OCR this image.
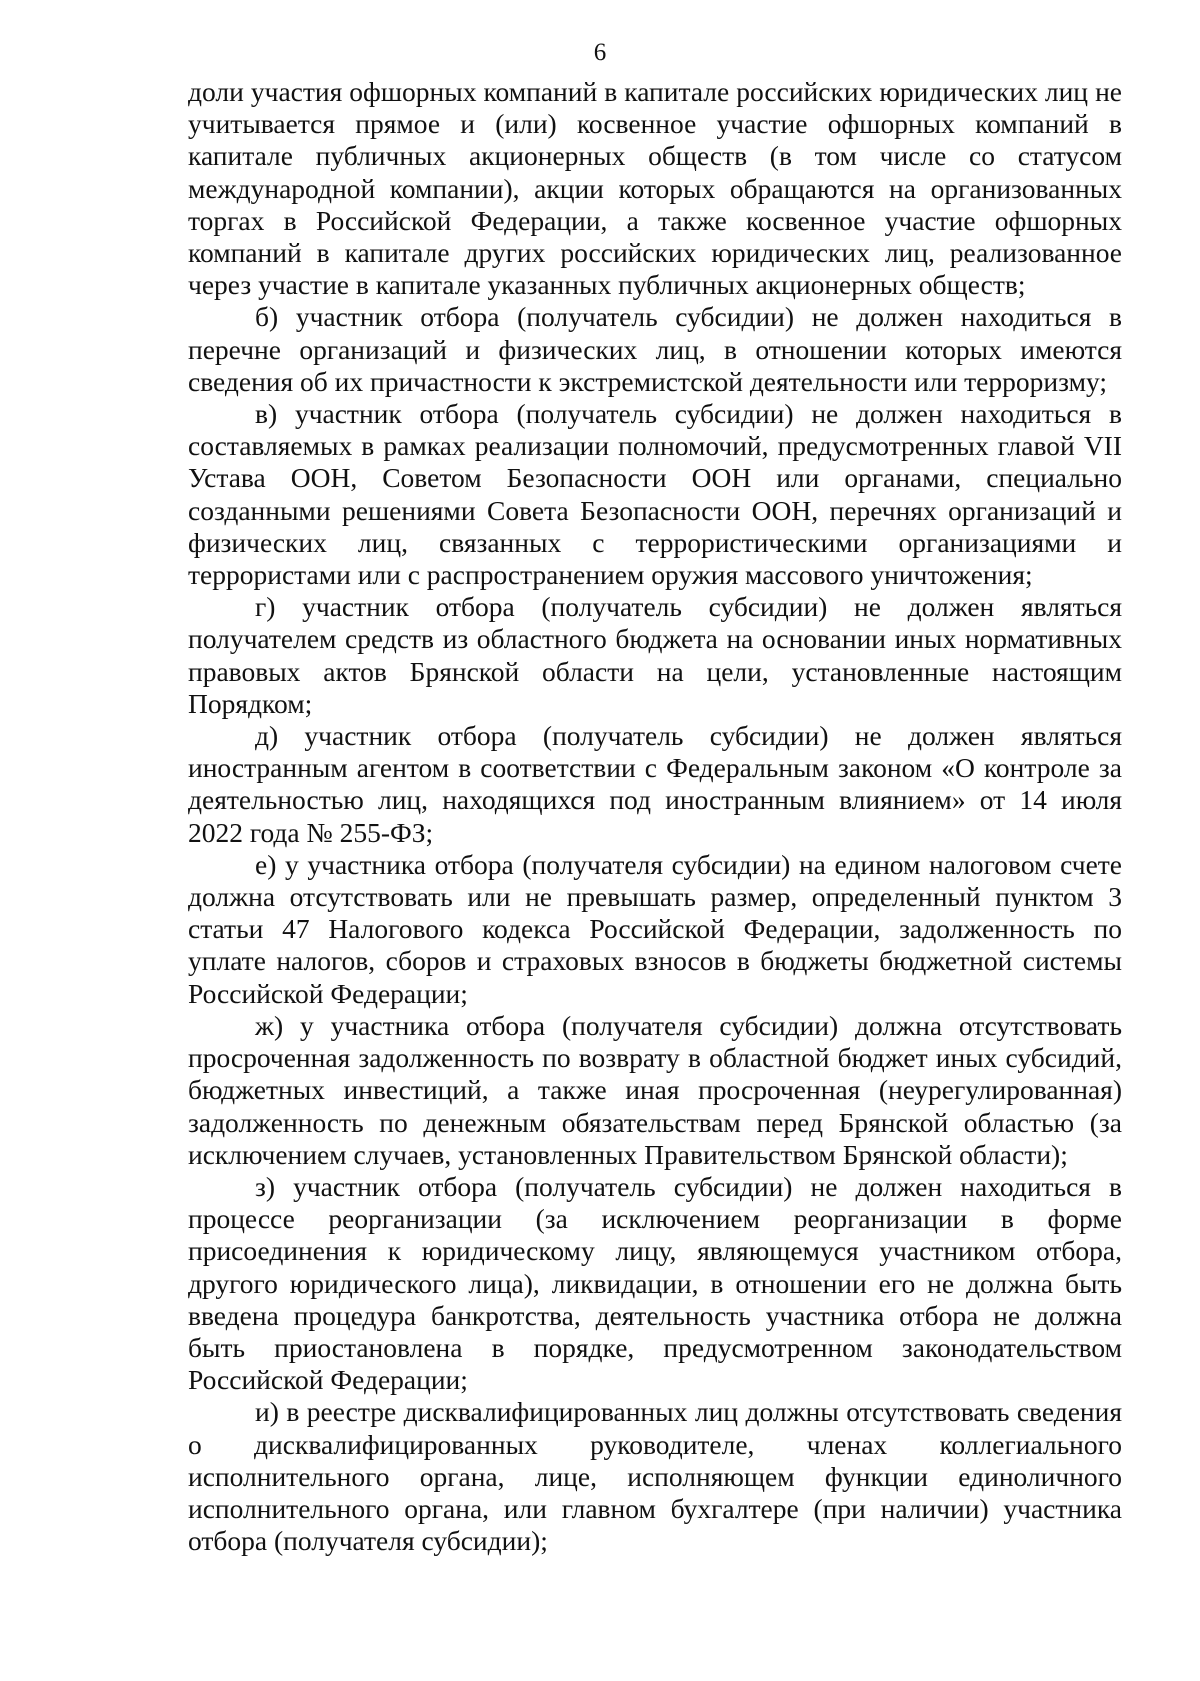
6

доли участия офшорных компаний в капитале российских юридических лиц не учитывается прямое и (или) косвенное участие офшорных компаний в капитале публичных акционерных обществ (в том числе со статусом международной компании), акции которых обращаются на организованных торгах в Российской Федерации, а также косвенное участие офшорных компаний в капитале других российских юридических лиц, реализованное через участие в капитале указанных публичных акционерных обществ;

б) участник отбора (получатель субсидии) не должен находиться в перечне организаций и физических лиц, в отношении которых имеются сведения об их причастности к экстремистской деятельности или терроризму;

в) участник отбора (получатель субсидии) не должен находиться в составляемых в рамках реализации полномочий, предусмотренных главой VII Устава ООН, Советом Безопасности ООН или органами, специально созданными решениями Совета Безопасности ООН, перечнях организаций и физических лиц, связанных с террористическими организациями и террористами или с распространением оружия массового уничтожения;

г) участник отбора (получатель субсидии) не должен являться получателем средств из областного бюджета на основании иных нормативных правовых актов Брянской области на цели, установленные настоящим Порядком;

д) участник отбора (получатель субсидии) не должен являться иностранным агентом в соответствии с Федеральным законом «О контроле за деятельностью лиц, находящихся под иностранным влиянием» от 14 июля 2022 года № 255-ФЗ;

е) у участника отбора (получателя субсидии) на едином налоговом счете должна отсутствовать или не превышать размер, определенный пунктом 3 статьи 47 Налогового кодекса Российской Федерации, задолженность по уплате налогов, сборов и страховых взносов в бюджеты бюджетной системы Российской Федерации;

ж) у участника отбора (получателя субсидии) должна отсутствовать просроченная задолженность по возврату в областной бюджет иных субсидий, бюджетных инвестиций, а также иная просроченная (неурегулированная) задолженность по денежным обязательствам перед Брянской областью (за исключением случаев, установленных Правительством Брянской области);

з) участник отбора (получатель субсидии) не должен находиться в процессе реорганизации (за исключением реорганизации в форме присоединения к юридическому лицу, являющемуся участником отбора, другого юридического лица), ликвидации, в отношении его не должна быть введена процедура банкротства, деятельность участника отбора не должна быть приостановлена в порядке, предусмотренном законодательством Российской Федерации;

и) в реестре дисквалифицированных лиц должны отсутствовать сведения о дисквалифицированных руководителе, членах коллегиального исполнительного органа, лице, исполняющем функции единоличного исполнительного органа, или главном бухгалтере (при наличии) участника отбора (получателя субсидии);
